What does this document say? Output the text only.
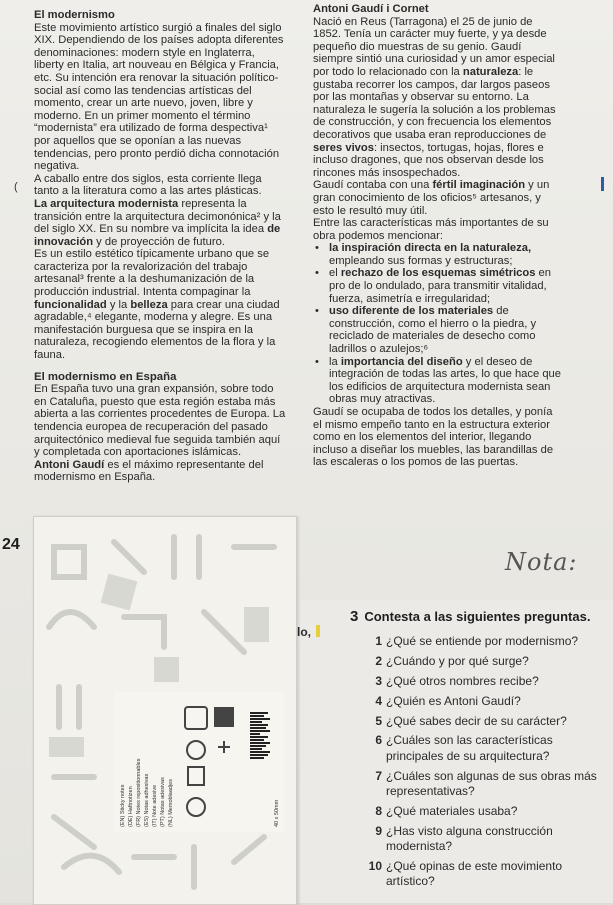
El modernismo

Este movimiento artístico surgió a finales del siglo XIX. Dependiendo de los países adopta diferentes denominaciones: modern style en Inglaterra, liberty en Italia, art nouveau en Bélgica y Francia, etc. Su intención era renovar la situación político-social así como las tendencias artísticas del momento, crear un arte nuevo, joven, libre y moderno. En un primer momento el término “modernista” era utilizado de forma despectiva¹ por aquellos que se oponían a las nuevas tendencias, pero pronto perdió dicha connotación negativa.

A caballo entre dos siglos, esta corriente llega tanto a la literatura como a las artes plásticas.

La arquitectura modernista representa la transición entre la arquitectura decimonónica² y la del siglo XX. En su nombre va implícita la idea de innovación y de proyección de futuro.

Es un estilo estético típicamente urbano que se caracteriza por la revalorización del trabajo artesanal³ frente a la deshumanización de la producción industrial. Intenta compaginar la funcionalidad y la belleza para crear una ciudad agradable,⁴ elegante, moderna y alegre. Es una manifestación burguesa que se inspira en la naturaleza, recogiendo elementos de la flora y la fauna.

El modernismo en España

En España tuvo una gran expansión, sobre todo en Cataluña, puesto que esta región estaba más abierta a las corrientes procedentes de Europa. La tendencia europea de recuperación del pasado arquitectónico medieval fue seguida también aquí y completada con aportaciones islámicas.

Antoni Gaudí es el máximo representante del modernismo en España.

Antoni Gaudí i Cornet

Nació en Reus (Tarragona) el 25 de junio de 1852. Tenía un carácter muy fuerte, y ya desde pequeño dio muestras de su genio. Gaudí siempre sintió una curiosidad y un amor especial por todo lo relacionado con la naturaleza: le gustaba recorrer los campos, dar largos paseos por las montañas y observar su entorno. La naturaleza le sugería la solución a los problemas de construcción, y con frecuencia los elementos decorativos que usaba eran reproducciones de seres vivos: insectos, tortugas, hojas, flores e incluso dragones, que nos observan desde los rincones más insospechados.

Gaudí contaba con una fértil imaginación y un gran conocimiento de los oficios⁵ artesanos, y esto le resultó muy útil.

Entre las características más importantes de su obra podemos mencionar:

• la inspiración directa en la naturaleza, empleando sus formas y estructuras;
• el rechazo de los esquemas simétricos en pro de lo ondulado, para transmitir vitalidad, fuerza, asimetría e irregularidad;
• uso diferente de los materiales de construcción, como el hierro o la piedra, y reciclado de materiales de desecho como ladrillos o azulejos;⁶
• la importancia del diseño y el deseo de integración de todas las artes, lo que hace que los edificios de arquitectura modernista sean obras muy atractivas.

Gaudí se ocupaba de todos los detalles, y ponía el mismo empeño tanto en la estructura exterior como en los elementos del interior, llegando incluso a diseñar los muebles, las barandillas de las escaleras o los pomos de las puertas.

(
24
lo,
(EN) Sticky notes (DE) Haftnotizen (FR) Notes repositionnables (ES) Notas adhesivas (IT) Note adesive (PT) Notas adesivas (NL) Memoblaadjes	40 x 50mm
Nota:
3 Contesta a las siguientes preguntas.
1 ¿Qué se entiende por modernismo?
2 ¿Cuándo y por qué surge?
3 ¿Qué otros nombres recibe?
4 ¿Quién es Antoni Gaudí?
5 ¿Qué sabes decir de su carácter?
6 ¿Cuáles son las características principales de su arquitectura?
7 ¿Cuáles son algunas de sus obras más representativas?
8 ¿Qué materiales usaba?
9 ¿Has visto alguna construcción modernista?
10 ¿Qué opinas de este movimiento artístico?
